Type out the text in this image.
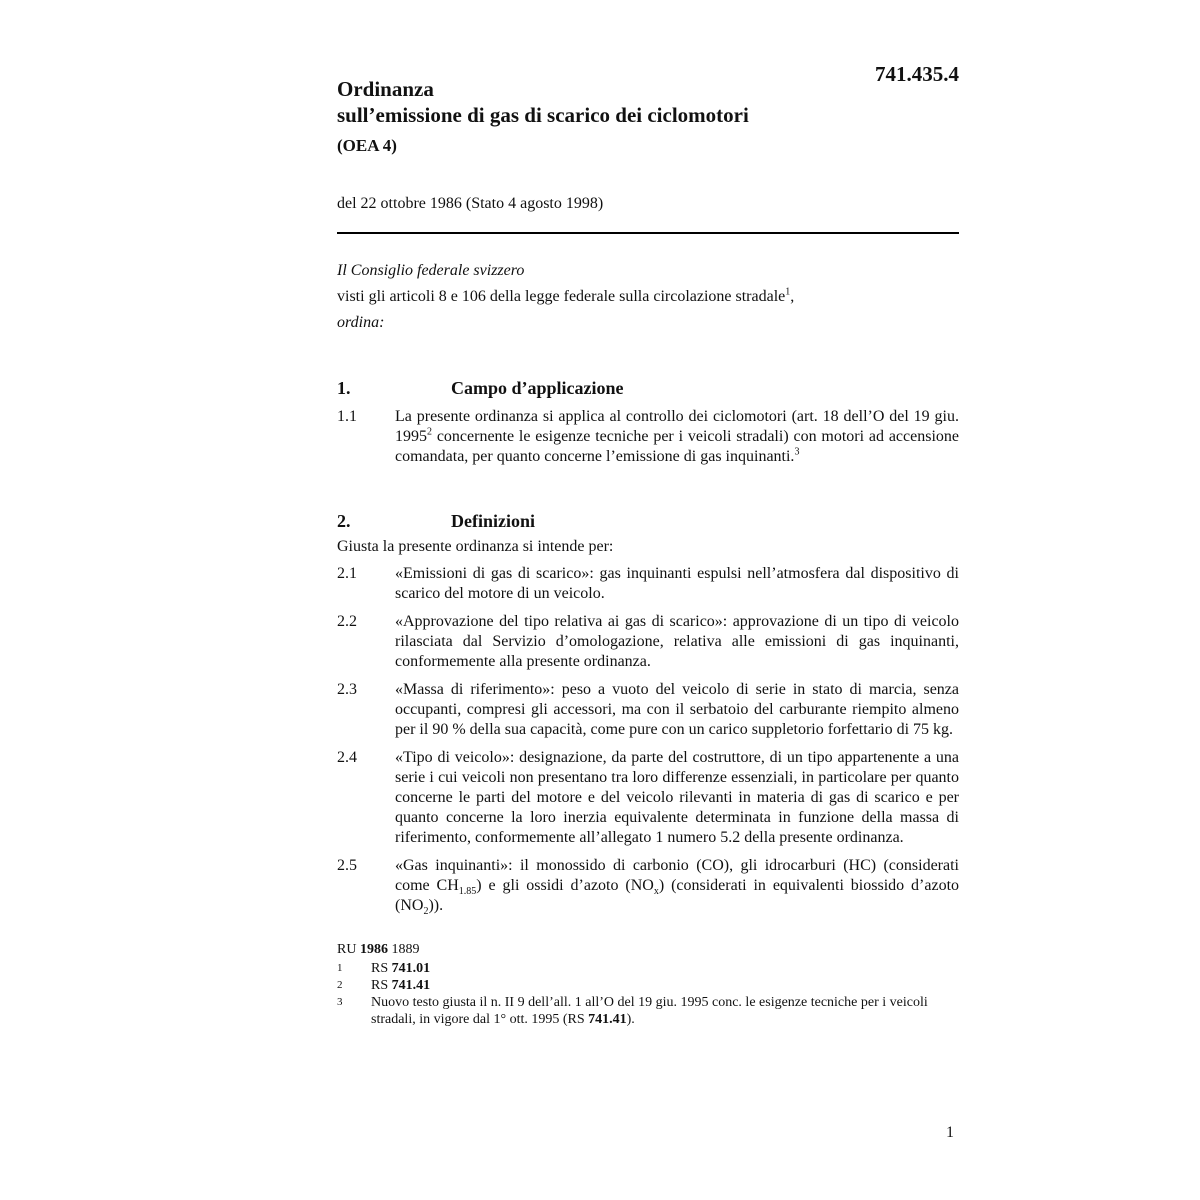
741.435.4
Ordinanza
sull’emissione di gas di scarico dei ciclomotori
(OEA 4)
del 22 ottobre 1986 (Stato 4 agosto 1998)
Il Consiglio federale svizzero
visti gli articoli 8 e 106 della legge federale sulla circolazione stradale$^1$,
ordina:
1.	Campo d’applicazione
1.1	La presente ordinanza si applica al controllo dei ciclomotori (art. 18 dell’O del 19 giu. 1995$^2$ concernente le esigenze tecniche per i veicoli stradali) con motori ad accensione comandata, per quanto concerne l’emissione di gas inquinanti.$^3$
2.	Definizioni
Giusta la presente ordinanza si intende per:
2.1	«Emissioni di gas di scarico»: gas inquinanti espulsi nell’atmosfera dal dispositivo di scarico del motore di un veicolo.
2.2	«Approvazione del tipo relativa ai gas di scarico»: approvazione di un tipo di veicolo rilasciata dal Servizio d’omologazione, relativa alle emissioni di gas inquinanti, conformemente alla presente ordinanza.
2.3	«Massa di riferimento»: peso a vuoto del veicolo di serie in stato di marcia, senza occupanti, compresi gli accessori, ma con il serbatoio del carburante riempito almeno per il 90 % della sua capacità, come pure con un carico suppletorio forfettario di 75 kg.
2.4	«Tipo di veicolo»: designazione, da parte del costruttore, di un tipo appartenente a una serie i cui veicoli non presentano tra loro differenze essenziali, in particolare per quanto concerne le parti del motore e del veicolo rilevanti in materia di gas di scarico e per quanto concerne la loro inerzia equivalente determinata in funzione della massa di riferimento, conformemente all’allegato 1 numero 5.2 della presente ordinanza.
2.5	«Gas inquinanti»: il monossido di carbonio (CO), gli idrocarburi (HC) (considerati come $CH_{1.85}$) e gli ossidi d’azoto $(NO_x)$ (considerati in equivalenti biossido d’azoto $(NO_2)$).
RU 1986 1889
1	RS 741.01
2	RS 741.41
3	Nuovo testo giusta il n. II 9 dell’all. 1 all’O del 19 giu. 1995 conc. le esigenze tecniche per i veicoli stradali, in vigore dal 1° ott. 1995 (RS 741.41).
1
